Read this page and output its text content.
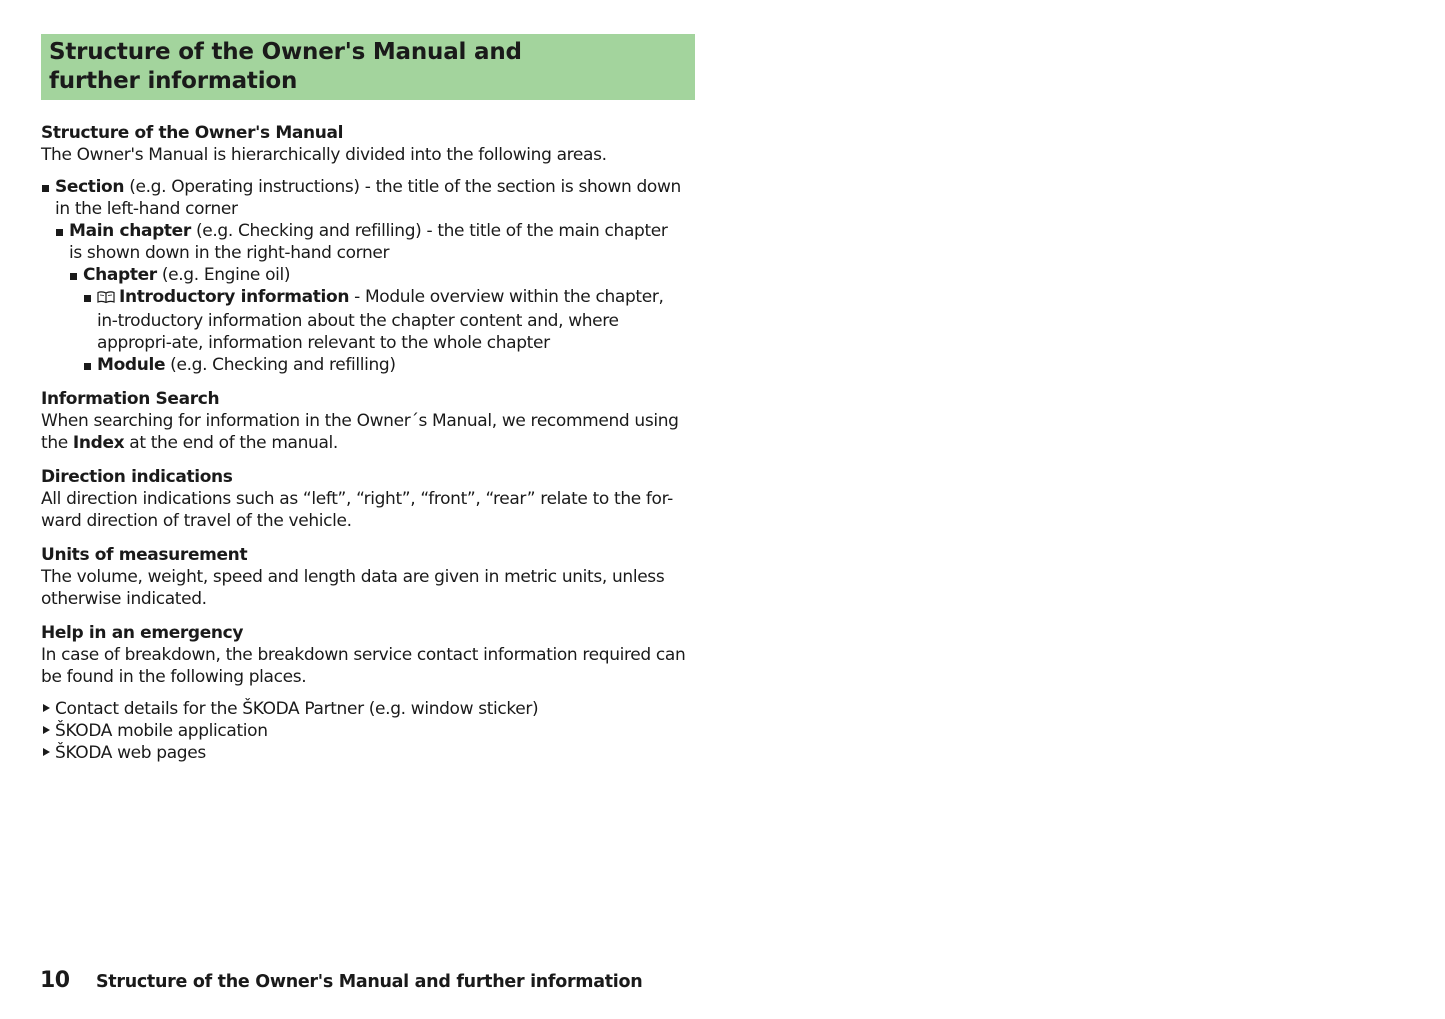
Structure of the Owner's Manual and further information

Structure of the Owner's Manual

The Owner's Manual is hierarchically divided into the following areas.

Section (e.g. Operating instructions) - the title of the section is shown down in the left-hand corner
Main chapter (e.g. Checking and refilling) - the title of the main chapter is shown down in the right-hand corner
Chapter (e.g. Engine oil)
Introductory information - Module overview within the chapter, in-troductory information about the chapter content and, where appropri-ate, information relevant to the whole chapter
Module (e.g. Checking and refilling)

Information Search

When searching for information in the Owner´s Manual, we recommend using the Index at the end of the manual.

Direction indications

All direction indications such as “left”, “right”, “front”, “rear” relate to the for-ward direction of travel of the vehicle.

Units of measurement

The volume, weight, speed and length data are given in metric units, unless otherwise indicated.

Help in an emergency

In case of breakdown, the breakdown service contact information required can be found in the following places.

Contact details for the ŠKODA Partner (e.g. window sticker)
ŠKODA mobile application
ŠKODA web pages
10	Structure of the Owner's Manual and further information
